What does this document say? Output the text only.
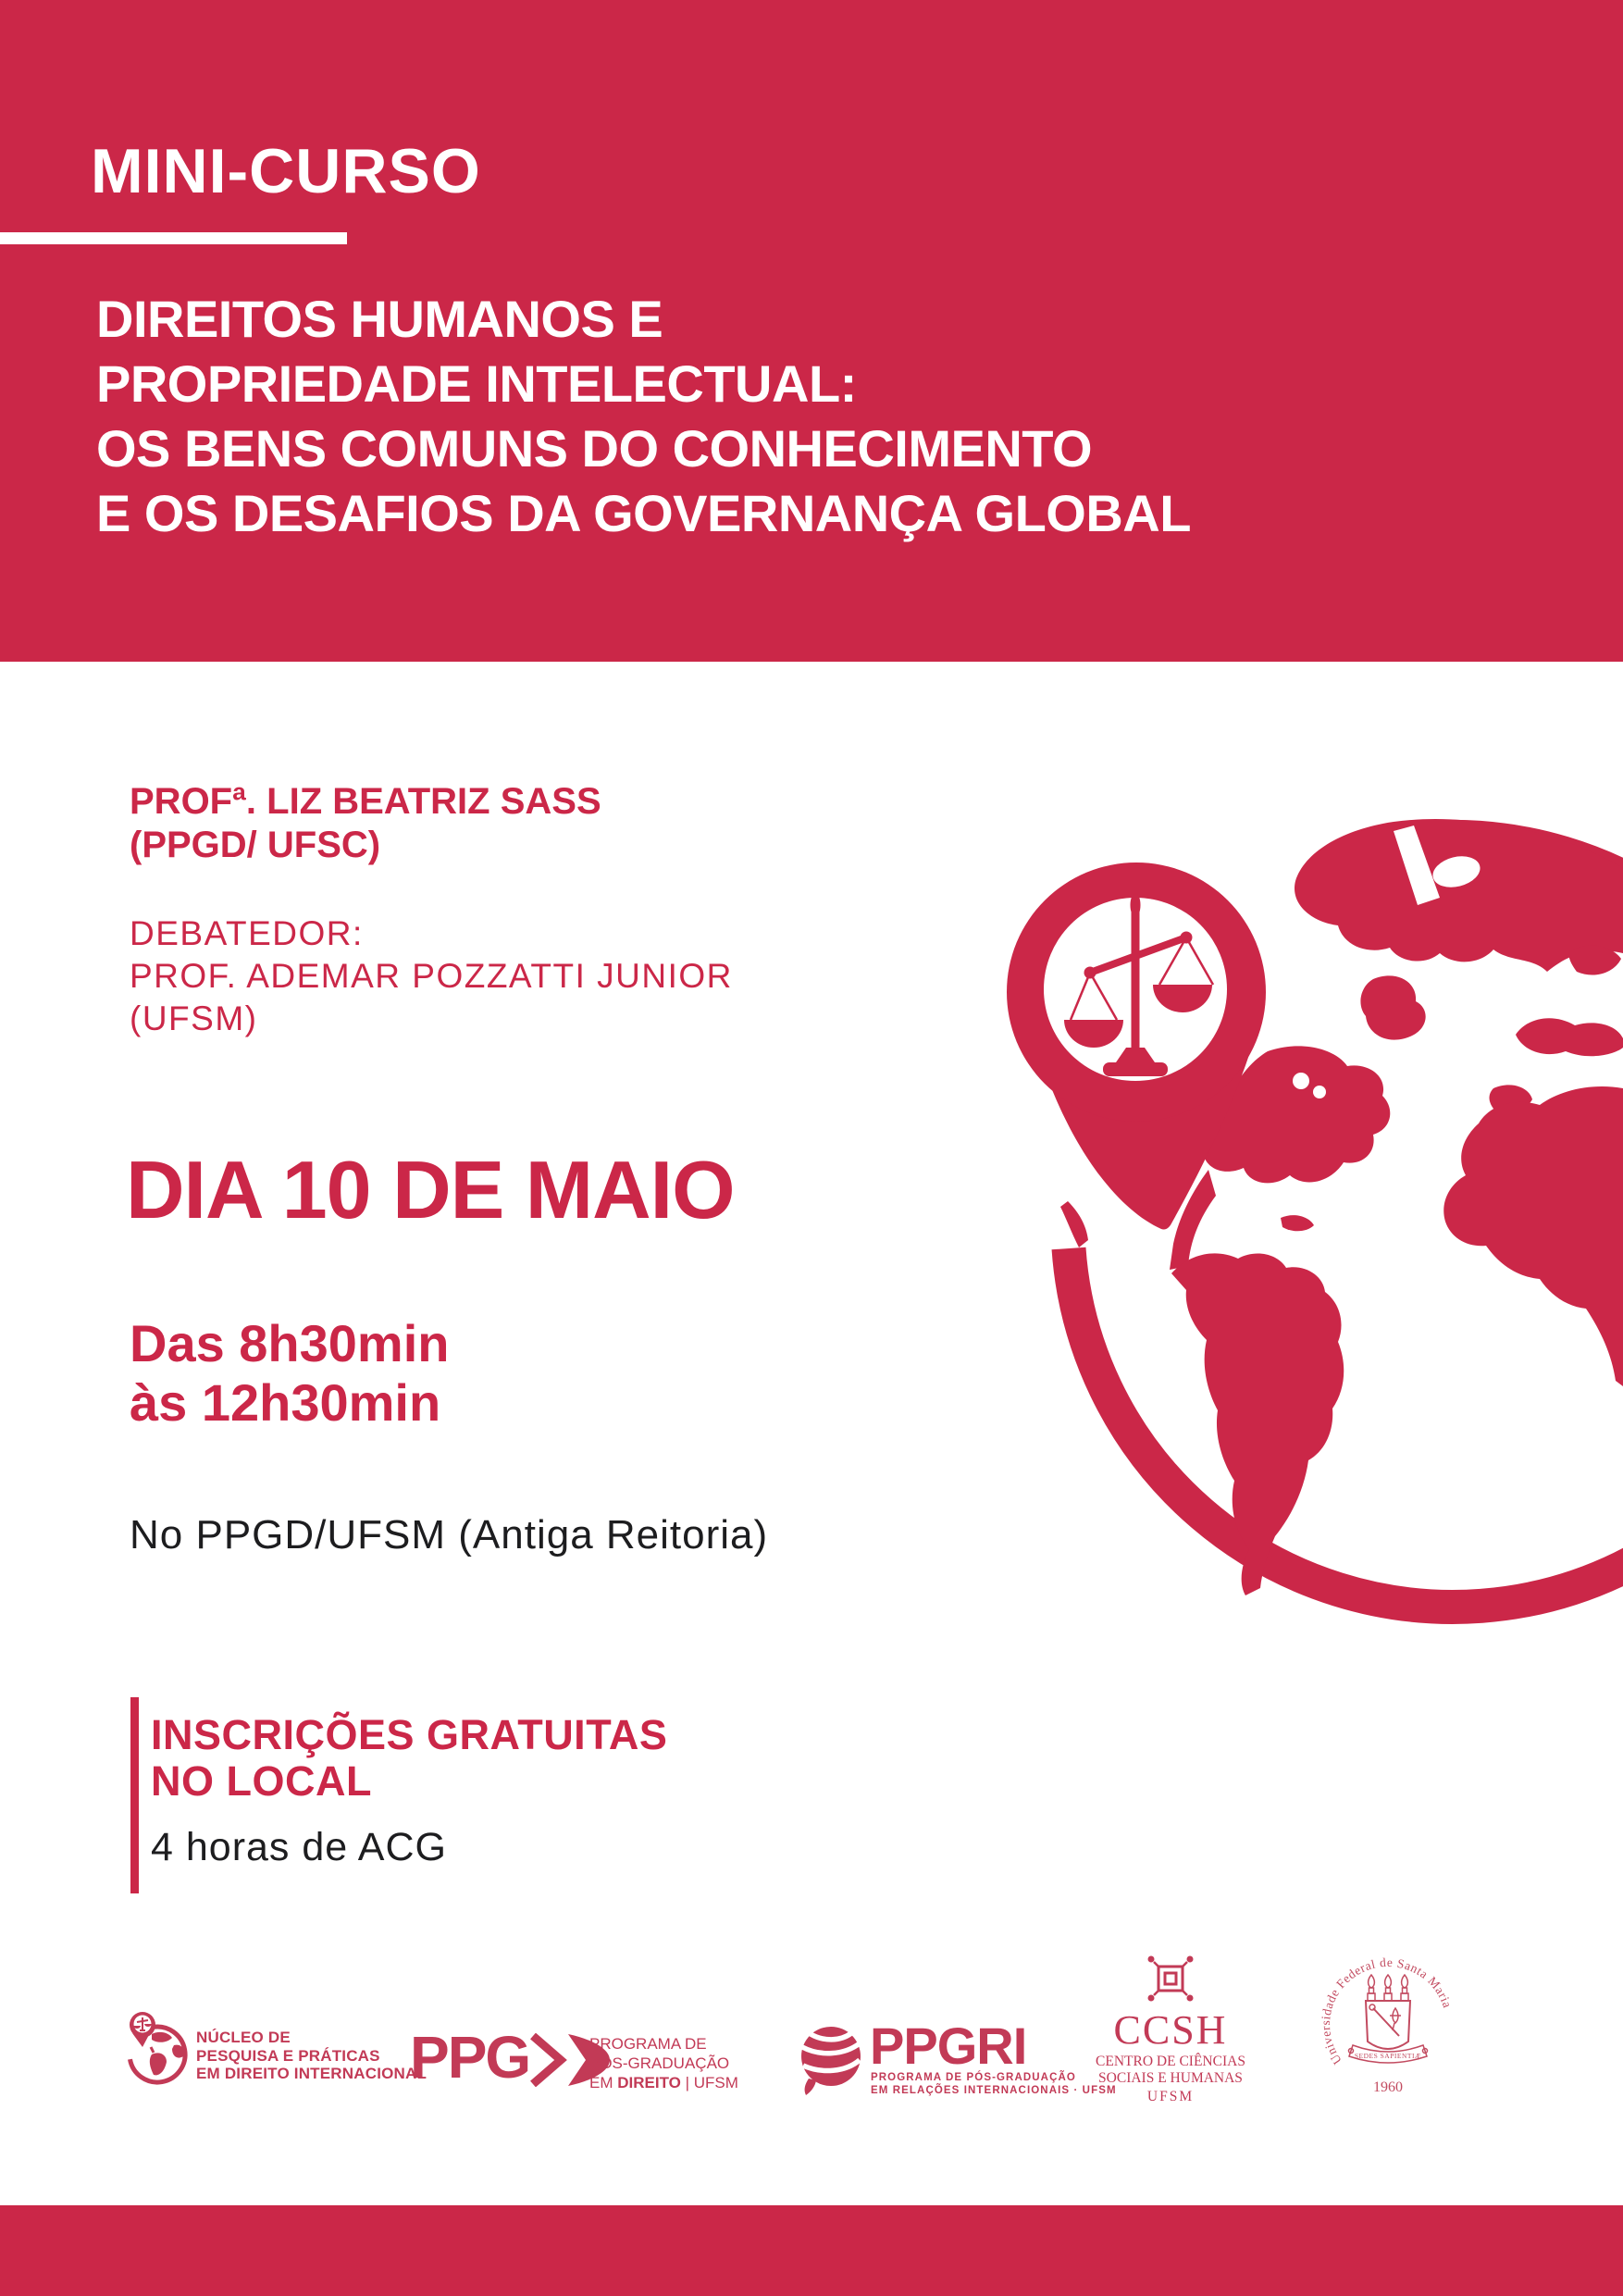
MINI-CURSO
DIREITOS HUMANOS E
PROPRIEDADE INTELECTUAL:
OS BENS COMUNS DO CONHECIMENTO
E OS DESAFIOS DA GOVERNANÇA GLOBAL
PROFª. LIZ BEATRIZ SASS
(PPGD/ UFSC)
DEBATEDOR:
PROF. ADEMAR POZZATTI JUNIOR
(UFSM)
DIA 10 DE MAIO
Das 8h30min
às 12h30min
No PPGD/UFSM (Antiga Reitoria)
INSCRIÇÕES GRATUITAS
NO LOCAL
4 horas de ACG
NÚCLEO DE
PESQUISA E PRÁTICAS
EM DIREITO INTERNACIONAL
PPG	PROGRAMA DE
PÓS-GRADUAÇÃO
EM DIREITO | UFSM
PPGRI
PROGRAMA DE PÓS-GRADUAÇÃO
EM RELAÇÕES INTERNACIONAIS · UFSM
CCSH
CENTRO DE CIÊNCIAS
SOCIAIS E HUMANAS
UFSM
Universidade Federal de Santa Maria
SEDES SAPIENTIÆ
1960
